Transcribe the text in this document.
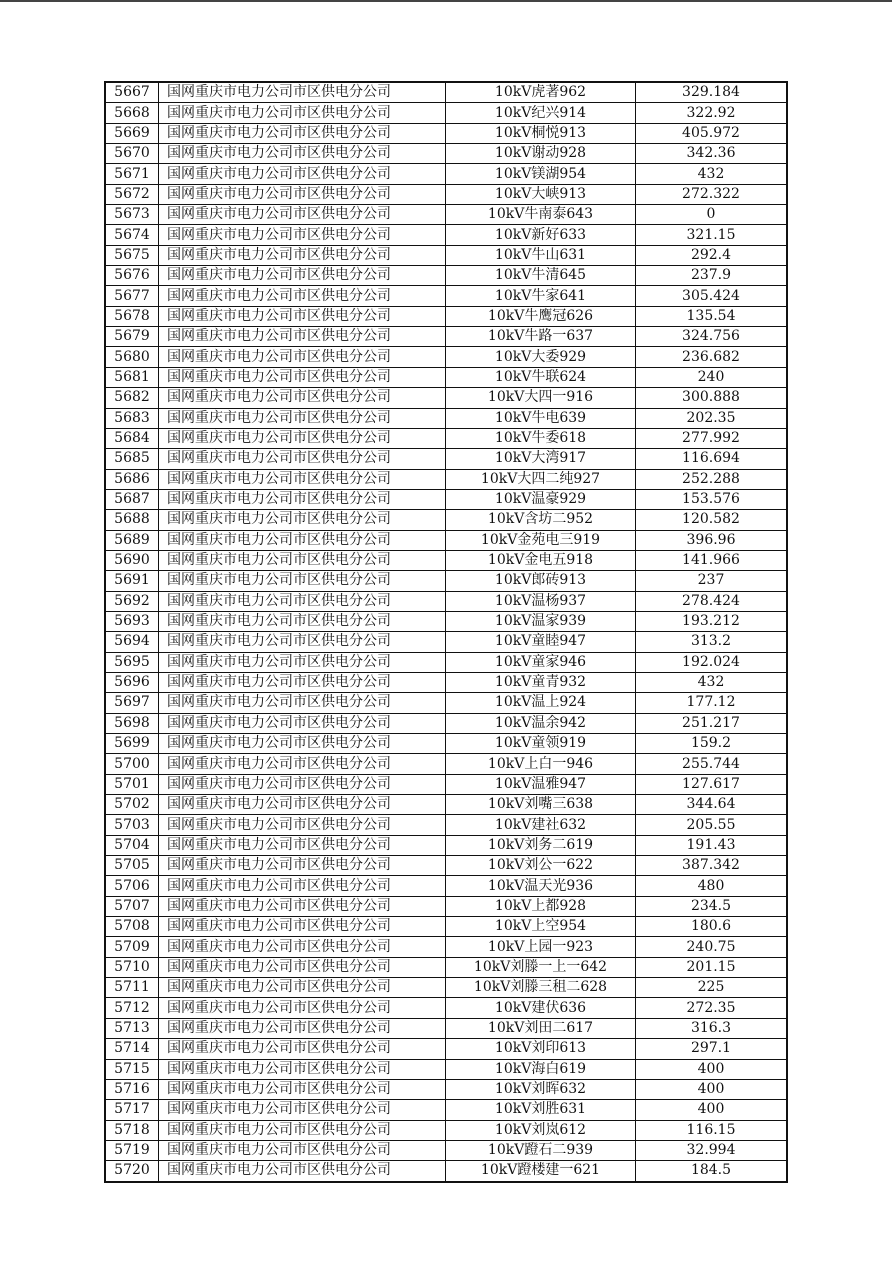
5667	国网重庆市电力公司市区供电分公司	10kV虎著962	329.184
5668	国网重庆市电力公司市区供电分公司	10kV纪兴914	322.92
5669	国网重庆市电力公司市区供电分公司	10kV桐悦913	405.972
5670	国网重庆市电力公司市区供电分公司	10kV谢动928	342.36
5671	国网重庆市电力公司市区供电分公司	10kV镁湖954	432
5672	国网重庆市电力公司市区供电分公司	10kV大峡913	272.322
5673	国网重庆市电力公司市区供电分公司	10kV牛南泰643	0
5674	国网重庆市电力公司市区供电分公司	10kV新好633	321.15
5675	国网重庆市电力公司市区供电分公司	10kV牛山631	292.4
5676	国网重庆市电力公司市区供电分公司	10kV牛清645	237.9
5677	国网重庆市电力公司市区供电分公司	10kV牛家641	305.424
5678	国网重庆市电力公司市区供电分公司	10kV牛鹰冠626	135.54
5679	国网重庆市电力公司市区供电分公司	10kV牛路一637	324.756
5680	国网重庆市电力公司市区供电分公司	10kV大委929	236.682
5681	国网重庆市电力公司市区供电分公司	10kV牛联624	240
5682	国网重庆市电力公司市区供电分公司	10kV大四一916	300.888
5683	国网重庆市电力公司市区供电分公司	10kV牛电639	202.35
5684	国网重庆市电力公司市区供电分公司	10kV牛委618	277.992
5685	国网重庆市电力公司市区供电分公司	10kV大湾917	116.694
5686	国网重庆市电力公司市区供电分公司	10kV大四二纯927	252.288
5687	国网重庆市电力公司市区供电分公司	10kV温豪929	153.576
5688	国网重庆市电力公司市区供电分公司	10kV含坊二952	120.582
5689	国网重庆市电力公司市区供电分公司	10kV金苑电三919	396.96
5690	国网重庆市电力公司市区供电分公司	10kV金电五918	141.966
5691	国网重庆市电力公司市区供电分公司	10kV郎砖913	237
5692	国网重庆市电力公司市区供电分公司	10kV温杨937	278.424
5693	国网重庆市电力公司市区供电分公司	10kV温家939	193.212
5694	国网重庆市电力公司市区供电分公司	10kV童睦947	313.2
5695	国网重庆市电力公司市区供电分公司	10kV童家946	192.024
5696	国网重庆市电力公司市区供电分公司	10kV童青932	432
5697	国网重庆市电力公司市区供电分公司	10kV温上924	177.12
5698	国网重庆市电力公司市区供电分公司	10kV温余942	251.217
5699	国网重庆市电力公司市区供电分公司	10kV童领919	159.2
5700	国网重庆市电力公司市区供电分公司	10kV上白一946	255.744
5701	国网重庆市电力公司市区供电分公司	10kV温雅947	127.617
5702	国网重庆市电力公司市区供电分公司	10kV刘嘴三638	344.64
5703	国网重庆市电力公司市区供电分公司	10kV建社632	205.55
5704	国网重庆市电力公司市区供电分公司	10kV刘务二619	191.43
5705	国网重庆市电力公司市区供电分公司	10kV刘公一622	387.342
5706	国网重庆市电力公司市区供电分公司	10kV温天光936	480
5707	国网重庆市电力公司市区供电分公司	10kV上都928	234.5
5708	国网重庆市电力公司市区供电分公司	10kV上空954	180.6
5709	国网重庆市电力公司市区供电分公司	10kV上园一923	240.75
5710	国网重庆市电力公司市区供电分公司	10kV刘滕一上一642	201.15
5711	国网重庆市电力公司市区供电分公司	10kV刘滕三租二628	225
5712	国网重庆市电力公司市区供电分公司	10kV建伏636	272.35
5713	国网重庆市电力公司市区供电分公司	10kV刘田二617	316.3
5714	国网重庆市电力公司市区供电分公司	10kV刘印613	297.1
5715	国网重庆市电力公司市区供电分公司	10kV海白619	400
5716	国网重庆市电力公司市区供电分公司	10kV刘晖632	400
5717	国网重庆市电力公司市区供电分公司	10kV刘胜631	400
5718	国网重庆市电力公司市区供电分公司	10kV刘岚612	116.15
5719	国网重庆市电力公司市区供电分公司	10kV蹬石二939	32.994
5720	国网重庆市电力公司市区供电分公司	10kV蹬楼建一621	184.5
